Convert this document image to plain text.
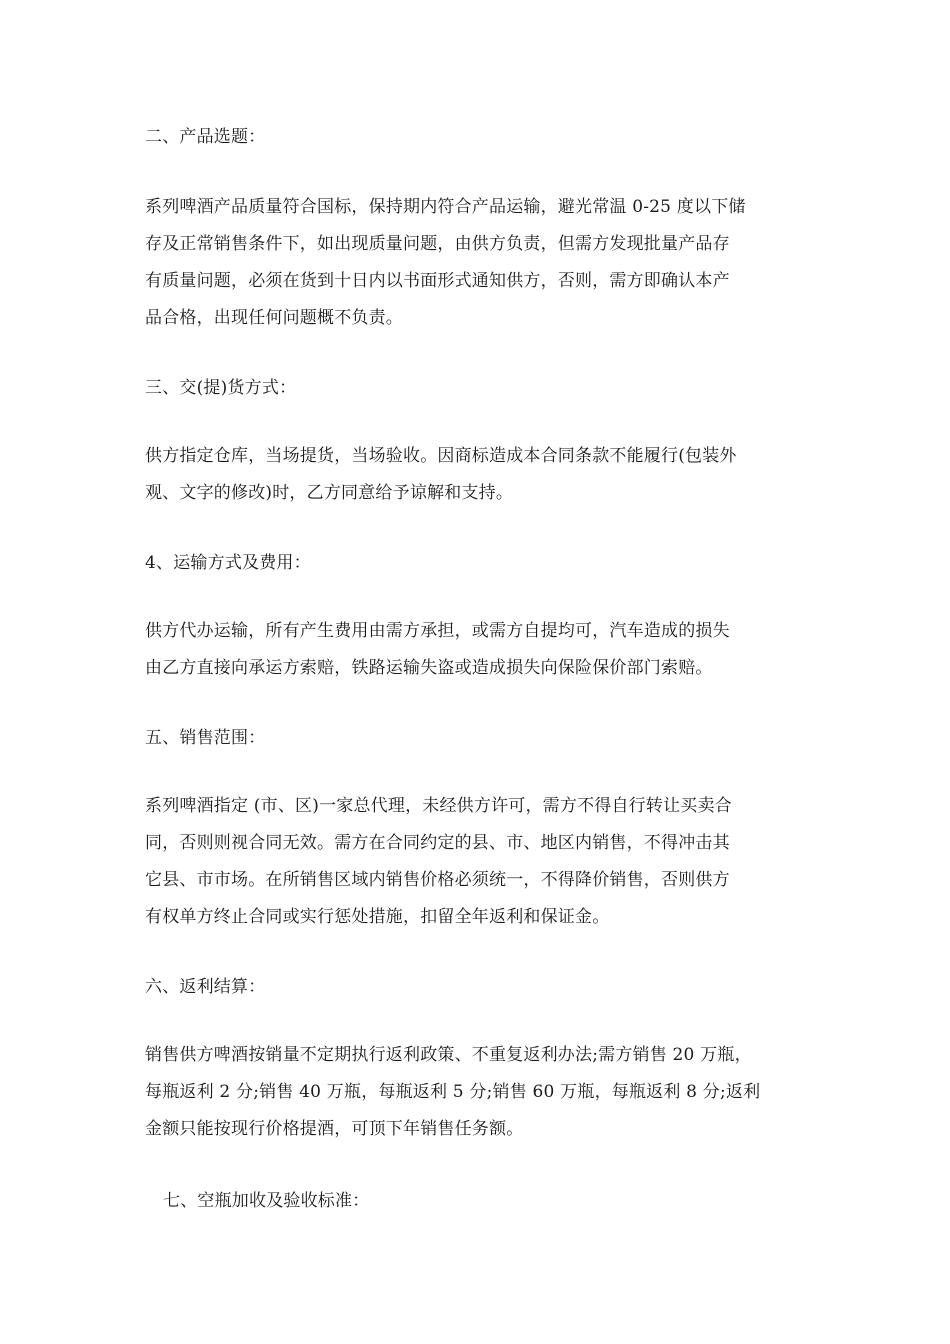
二、产品选题：
系列啤酒产品质量符合国标，保持期内符合产品运输，避光常温 0-25 度以下储
存及正常销售条件下，如出现质量问题，由供方负责，但需方发现批量产品存
有质量问题，必须在货到十日内以书面形式通知供方，否则，需方即确认本产
品合格，出现任何问题概不负责。
三、交(提)货方式：
供方指定仓库，当场提货，当场验收。因商标造成本合同条款不能履行(包装外
观、文字的修改)时，乙方同意给予谅解和支持。
4、运输方式及费用：
供方代办运输，所有产生费用由需方承担，或需方自提均可，汽车造成的损失
由乙方直接向承运方索赔，铁路运输失盗或造成损失向保险保价部门索赔。
五、销售范围：
系列啤酒指定 (市、区)一家总代理，未经供方许可，需方不得自行转让买卖合
同，否则则视合同无效。需方在合同约定的县、市、地区内销售，不得冲击其
它县、市市场。在所销售区域内销售价格必须统一，不得降价销售，否则供方
有权单方终止合同或实行惩处措施，扣留全年返利和保证金。
六、返利结算：
销售供方啤酒按销量不定期执行返利政策、不重复返利办法;需方销售 20 万瓶，
每瓶返利 2 分;销售 40 万瓶，每瓶返利 5 分;销售 60 万瓶，每瓶返利 8 分;返利
金额只能按现行价格提酒，可顶下年销售任务额。
七、空瓶加收及验收标准：
